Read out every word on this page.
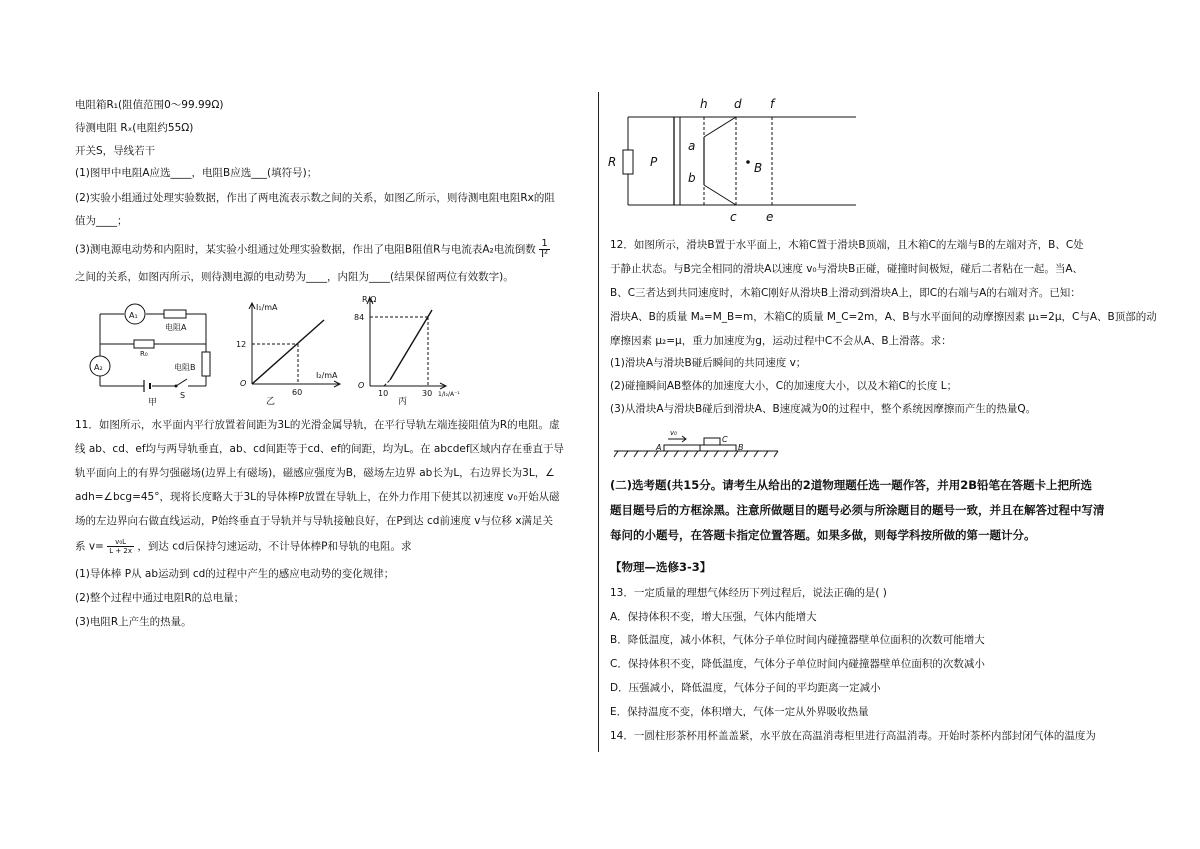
电阻箱R₁(阻值范围0～99.99Ω)
待测电阻 Rₓ(电阻约55Ω)
开关S，导线若干
(1)图甲中电阻A应选____，电阻B应选___(填符号)；
(2)实验小组通过处理实验数据，作出了两电流表示数之间的关系，如图乙所示，则待测电阻电阻Rx的阻
值为____；
(3)测电源电动势和内阻时，某实验小组通过处理实验数据，作出了电阻B阻值R与电流表A₂电流倒数 $\frac{1}{\text{I²}}$
之间的关系，如图丙所示，则待测电源的电动势为____，内阻为____(结果保留两位有效数字)。
A₁
电阻A
R₀
A₂	电阻B
S
甲
I₁/mA
12
O
I₂/mA
60
乙
R/Ω
84
O
10	30 1/I₂/A⁻¹
丙
11．如图所示，水平面内平行放置着间距为3L的光滑金属导轨，在平行导轨左端连接阻值为R的电阻。虚
线 ab、cd、ef均与两导轨垂直，ab、cd间距等于cd、ef的间距，均为L。在 abcdef区域内存在垂直于导
轨平面向上的有界匀强磁场(边界上有磁场)，磁感应强度为B，磁场左边界 ab长为L，右边界长为3L，∠
adh=∠bcg=45°，现将长度略大于3L的导体棒P放置在导轨上，在外力作用下使其以初速度 v₀开始从磁
场的左边界向右做直线运动，P始终垂直于导轨并与导轨接触良好，在P到达 cd前速度 v与位移 x满足关
系 $v= \frac{\text{v₀L}}{L + 2x}$ ，到达 cd后保持匀速运动，不计导体棒P和导轨的电阻。求
(1)导体棒 P从 ab运动到 cd的过程中产生的感应电动势的变化规律；
(2)整个过程中通过电阻R的总电量；
(3)电阻R上产生的热量。
R	P
h d f
a
b
B
c e
12．如图所示，滑块B置于水平面上，木箱C置于滑块B顶端，且木箱C的左端与B的左端对齐，B、C处
于静止状态。与B完全相同的滑块A以速度 v₀与滑块B正碰，碰撞时间极短，碰后二者粘在一起。当A、
B、C三者达到共同速度时，木箱C刚好从滑块B上滑动到滑块A上，即C的右端与A的右端对齐。已知：
滑块A、B的质量 Mₐ=M_B=m，木箱C的质量 M_C=2m，A、B与水平面间的动摩擦因素 μ₁=2μ，C与A、B顶部的动
摩擦因素 μ₂=μ，重力加速度为g，运动过程中C不会从A、B上滑落。求：
(1)滑块A与滑块B碰后瞬间的共同速度 v；
(2)碰撞瞬间AB整体的加速度大小，C的加速度大小，以及木箱C的长度 L；
(3)从滑块A与滑块B碰后到滑块A、B速度减为0的过程中，整个系统因摩擦而产生的热量Q。
v₀
A	B
C
(二)选考题(共15分。请考生从给出的2道物理题任选一题作答，并用2B铅笔在答题卡上把所选
题目题号后的方框涂黑。注意所做题目的题号必须与所涂题目的题号一致，并且在解答过程中写清
每问的小题号，在答题卡指定位置答题。如果多做，则每学科按所做的第一题计分。
【物理—选修3-3】
13．一定质量的理想气体经历下列过程后，说法正确的是( )
A．保持体积不变，增大压强，气体内能增大
B．降低温度，减小体积，气体分子单位时间内碰撞器壁单位面积的次数可能增大
C．保持体积不变，降低温度，气体分子单位时间内碰撞器壁单位面积的次数减小
D．压强减小，降低温度，气体分子间的平均距离一定减小
E．保持温度不变，体积增大，气体一定从外界吸收热量
14．一圆柱形茶杯用杯盖盖紧，水平放在高温消毒柜里进行高温消毒。开始时茶杯内部封闭气体的温度为
